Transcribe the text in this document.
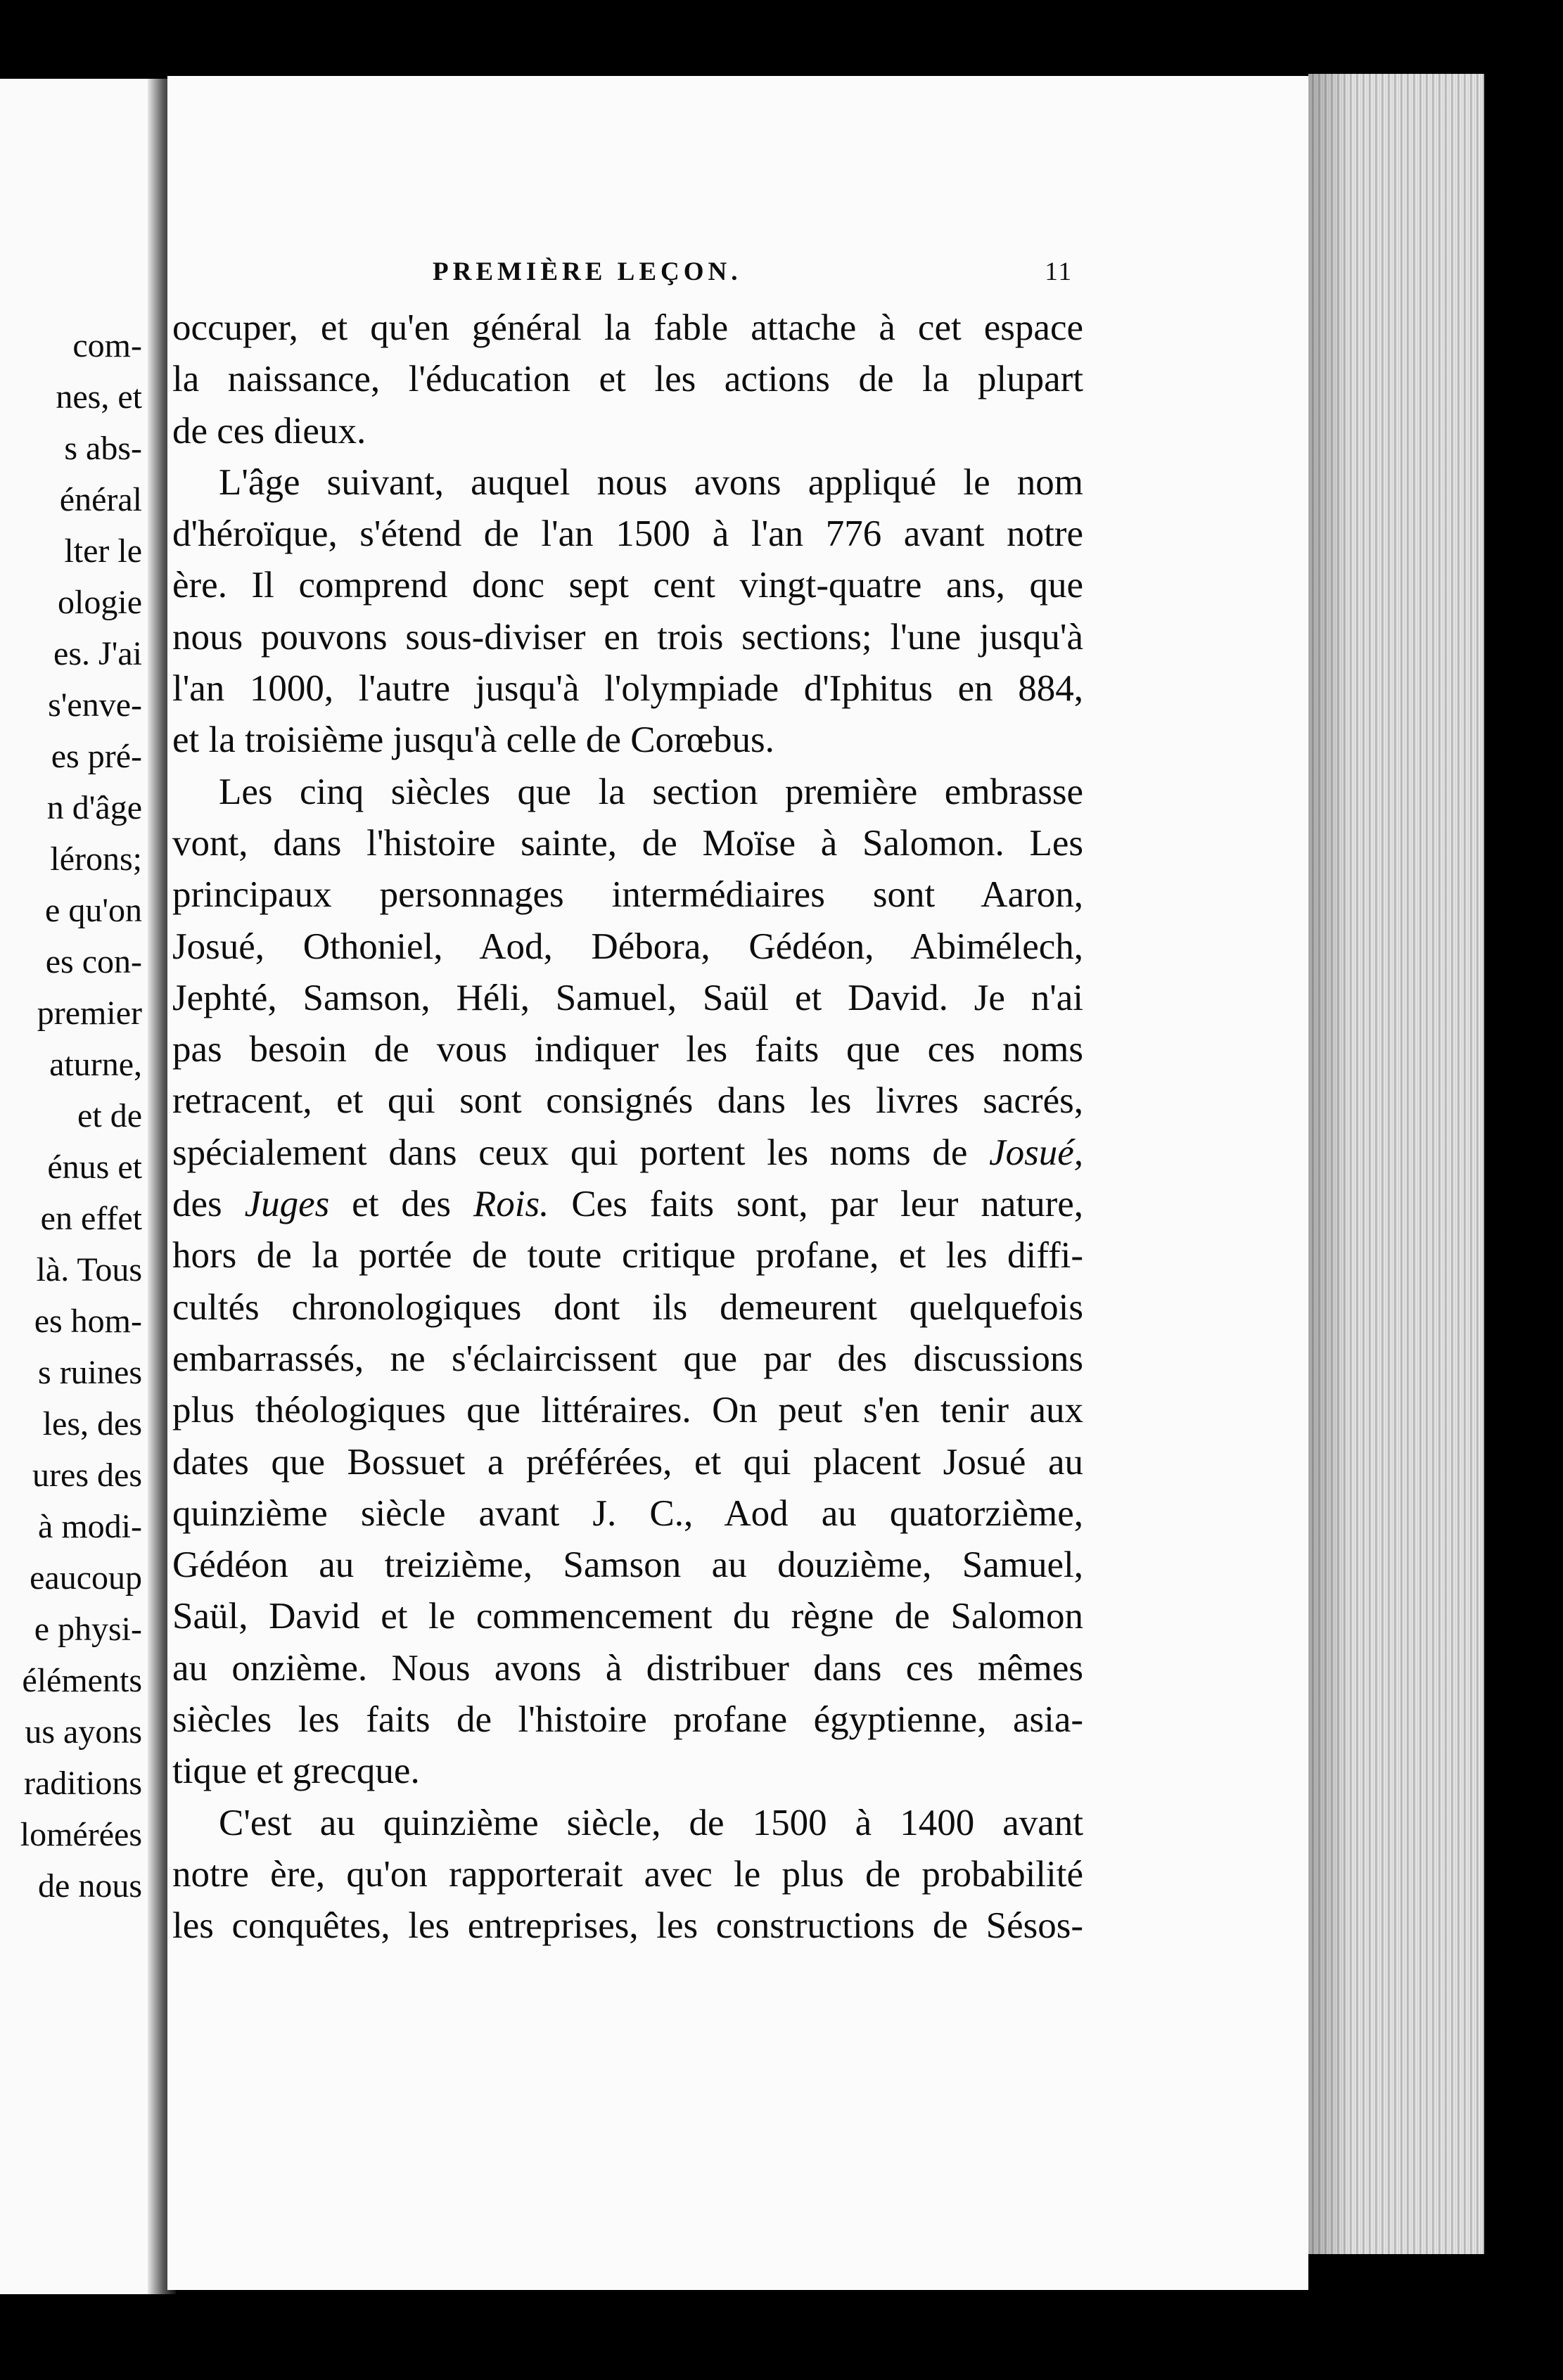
com-
nes, et
s abs-
énéral
lter le
ologie
es. J'ai
s'enve-
es pré-
n d'âge
lérons;
e qu'on
es con-
premier
aturne,
et de
énus et
en effet
là. Tous
es hom-
s ruines
les, des
ures des
à modi-
eaucoup
e physi-
éléments
us ayons
raditions
lomérées
de nous
PREMIÈRE LEÇON.	11

occuper, et qu'en général la fable attache à cet espace
la naissance, l'éducation et les actions de la plupart
de ces dieux.

L'âge suivant, auquel nous avons appliqué le nom
d'héroïque, s'étend de l'an 1500 à l'an 776 avant notre
ère. Il comprend donc sept cent vingt-quatre ans, que
nous pouvons sous-diviser en trois sections; l'une jusqu'à
l'an 1000, l'autre jusqu'à l'olympiade d'Iphitus en 884,
et la troisième jusqu'à celle de Corœbus.

Les cinq siècles que la section première embrasse
vont, dans l'histoire sainte, de Moïse à Salomon. Les
principaux personnages intermédiaires sont Aaron,
Josué, Othoniel, Aod, Débora, Gédéon, Abimélech,
Jephté, Samson, Héli, Samuel, Saül et David. Je n'ai
pas besoin de vous indiquer les faits que ces noms
retracent, et qui sont consignés dans les livres sacrés,
spécialement dans ceux qui portent les noms de Josué,
des Juges et des Rois. Ces faits sont, par leur nature,
hors de la portée de toute critique profane, et les diffi-
cultés chronologiques dont ils demeurent quelquefois
embarrassés, ne s'éclaircissent que par des discussions
plus théologiques que littéraires. On peut s'en tenir aux
dates que Bossuet a préférées, et qui placent Josué au
quinzième siècle avant J. C., Aod au quatorzième,
Gédéon au treizième, Samson au douzième, Samuel,
Saül, David et le commencement du règne de Salomon
au onzième. Nous avons à distribuer dans ces mêmes
siècles les faits de l'histoire profane égyptienne, asia-
tique et grecque.

C'est au quinzième siècle, de 1500 à 1400 avant
notre ère, qu'on rapporterait avec le plus de probabilité
les conquêtes, les entreprises, les constructions de Sésos-
